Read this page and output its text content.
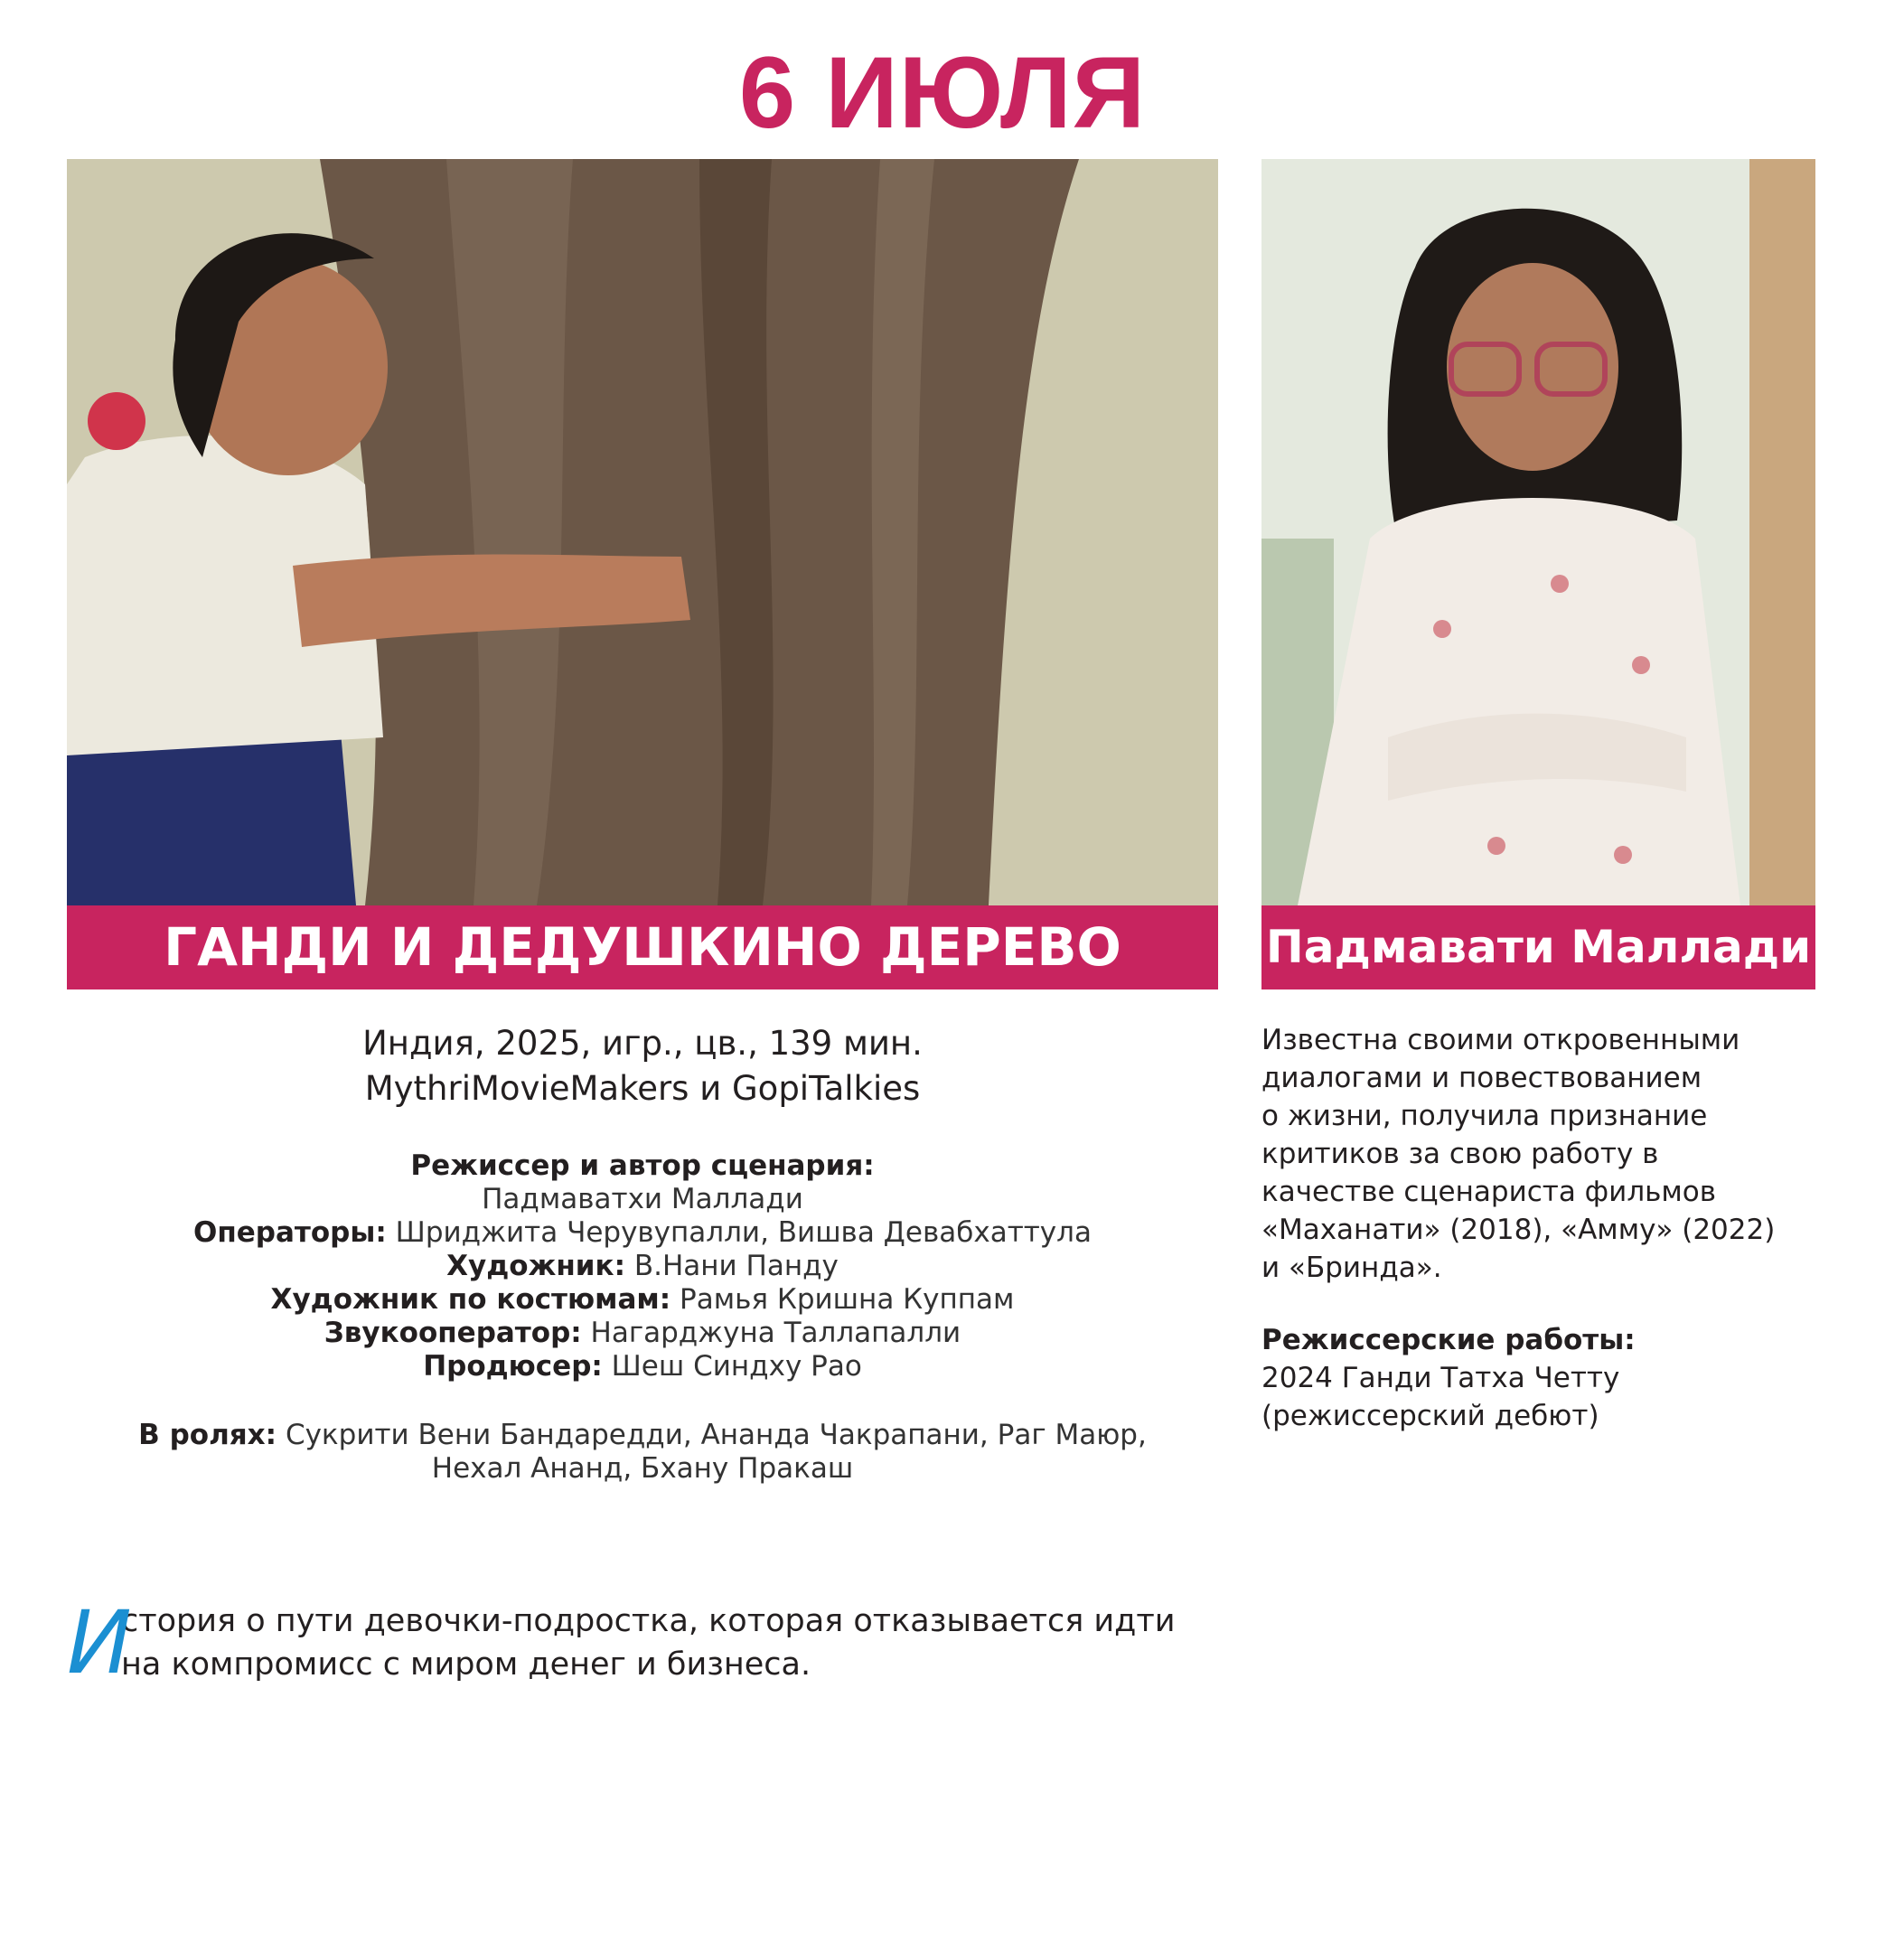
6 ИЮЛЯ
ГАНДИ И ДЕДУШКИНО ДЕРЕВО	Падмавати Маллади
Индия, 2025, игр., цв., 139 мин.
MythriMovieMakers и GopiTalkies
Режиссер и автор сценария:
Падмаватхи Маллади
Операторы: Шриджита Черувупалли, Вишва Девабхаттула
Художник: В.Нани Панду
Художник по костюмам: Рамья Кришна Куппам
Звукооператор: Нагарджуна Таллапалли
Продюсер: Шеш Синдху Рао
В ролях: Сукрити Вени Бандаредди, Ананда Чакрапани, Раг Маюр,
Нехал Ананд, Бхану Пракаш
И
стория о пути девочки-подростка, которая отказывается идти
на компромисс с миром денег и бизнеса.
Известна своими откровенными
диалогами и повествованием
о жизни, получила признание
критиков за свою работу в
качестве сценариста фильмов
«Маханати» (2018), «Амму» (2022)
и «Бринда».
Режиссерские работы:
2024 Ганди Татха Четту
(режиссерский дебют)
